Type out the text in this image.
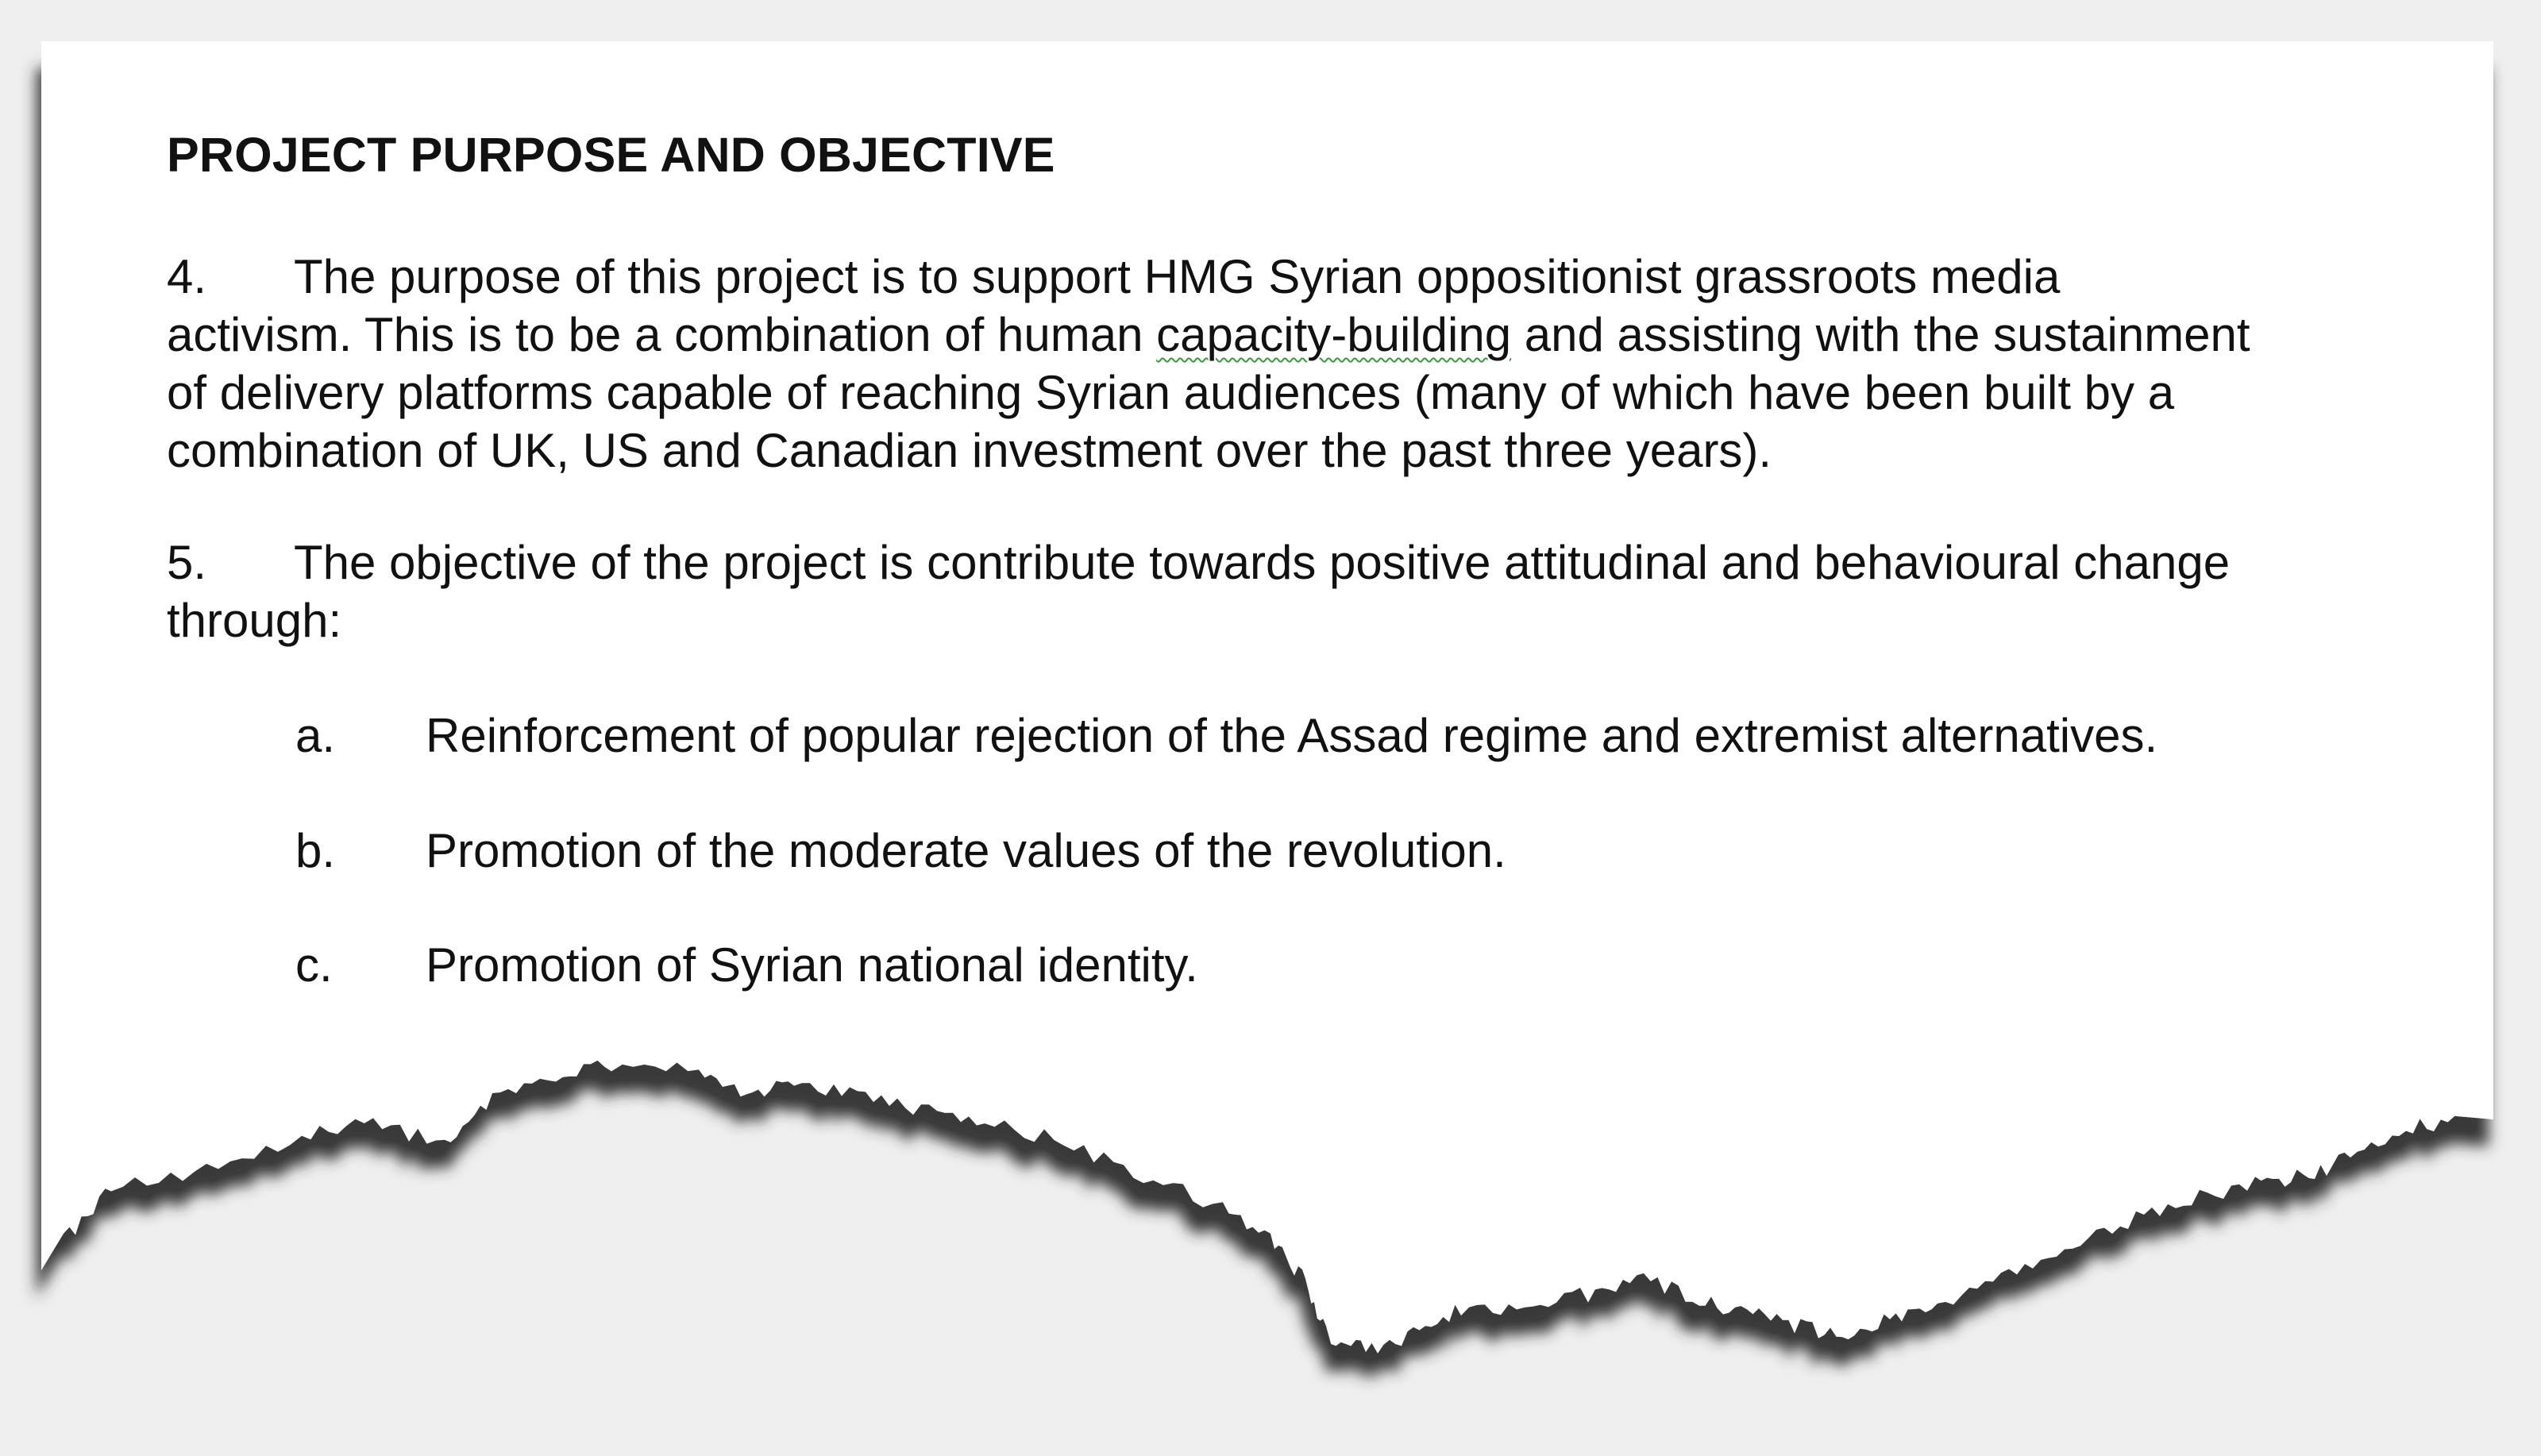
PROJECT PURPOSE AND OBJECTIVE
4. The purpose of this project is to support HMG Syrian oppositionist grassroots media
activism. This is to be a combination of human capacity-building and assisting with the sustainment
of delivery platforms capable of reaching Syrian audiences (many of which have been built by a
combination of UK, US and Canadian investment over the past three years).
5. The objective of the project is contribute towards positive attitudinal and behavioural change
through:
a. Reinforcement of popular rejection of the Assad regime and extremist alternatives.
b. Promotion of the moderate values of the revolution.
c. Promotion of Syrian national identity.
